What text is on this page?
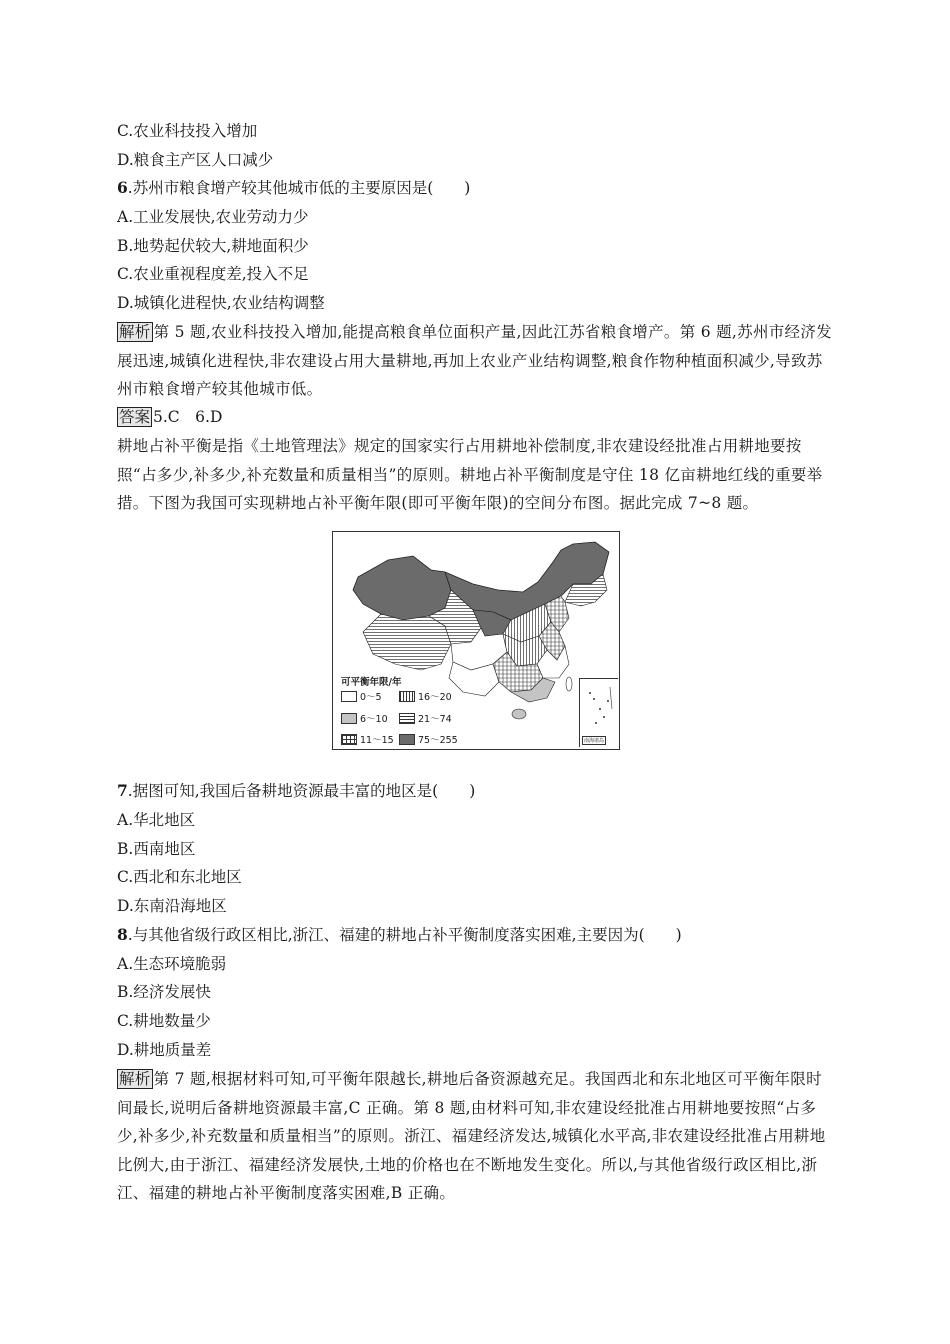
C.农业科技投入增加
D.粮食主产区人口减少
6.苏州市粮食增产较其他城市低的主要原因是(　　)
A.工业发展快,农业劳动力少
B.地势起伏较大,耕地面积少
C.农业重视程度差,投入不足
D.城镇化进程快,农业结构调整
解析 第 5 题,农业科技投入增加,能提高粮食单位面积产量,因此江苏省粮食增产。第 6 题,苏州市经济发展迅速,城镇化进程快,非农建设占用大量耕地,再加上农业产业结构调整,粮食作物种植面积减少,导致苏州市粮食增产较其他城市低。
答案 5.C　6.D
耕地占补平衡是指《土地管理法》规定的国家实行占用耕地补偿制度,非农建设经批准占用耕地要按照“占多少,补多少,补充数量和质量相当”的原则。耕地占补平衡制度是守住 18 亿亩耕地红线的重要举措。下图为我国可实现耕地占补平衡年限(即可平衡年限)的空间分布图。据此完成 7~8 题。
可平衡年限/年
0～5	16～20
6～10	21～74
11～15	75～255	南海诸岛
7.据图可知,我国后备耕地资源最丰富的地区是(　　)
A.华北地区
B.西南地区
C.西北和东北地区
D.东南沿海地区
8.与其他省级行政区相比,浙江、福建的耕地占补平衡制度落实困难,主要因为(　　)
A.生态环境脆弱
B.经济发展快
C.耕地数量少
D.耕地质量差
解析 第 7 题,根据材料可知,可平衡年限越长,耕地后备资源越充足。我国西北和东北地区可平衡年限时间最长,说明后备耕地资源最丰富,C 正确。第 8 题,由材料可知,非农建设经批准占用耕地要按照“占多少,补多少,补充数量和质量相当”的原则。浙江、福建经济发达,城镇化水平高,非农建设经批准占用耕地比例大,由于浙江、福建经济发展快,土地的价格也在不断地发生变化。所以,与其他省级行政区相比,浙江、福建的耕地占补平衡制度落实困难,B 正确。
